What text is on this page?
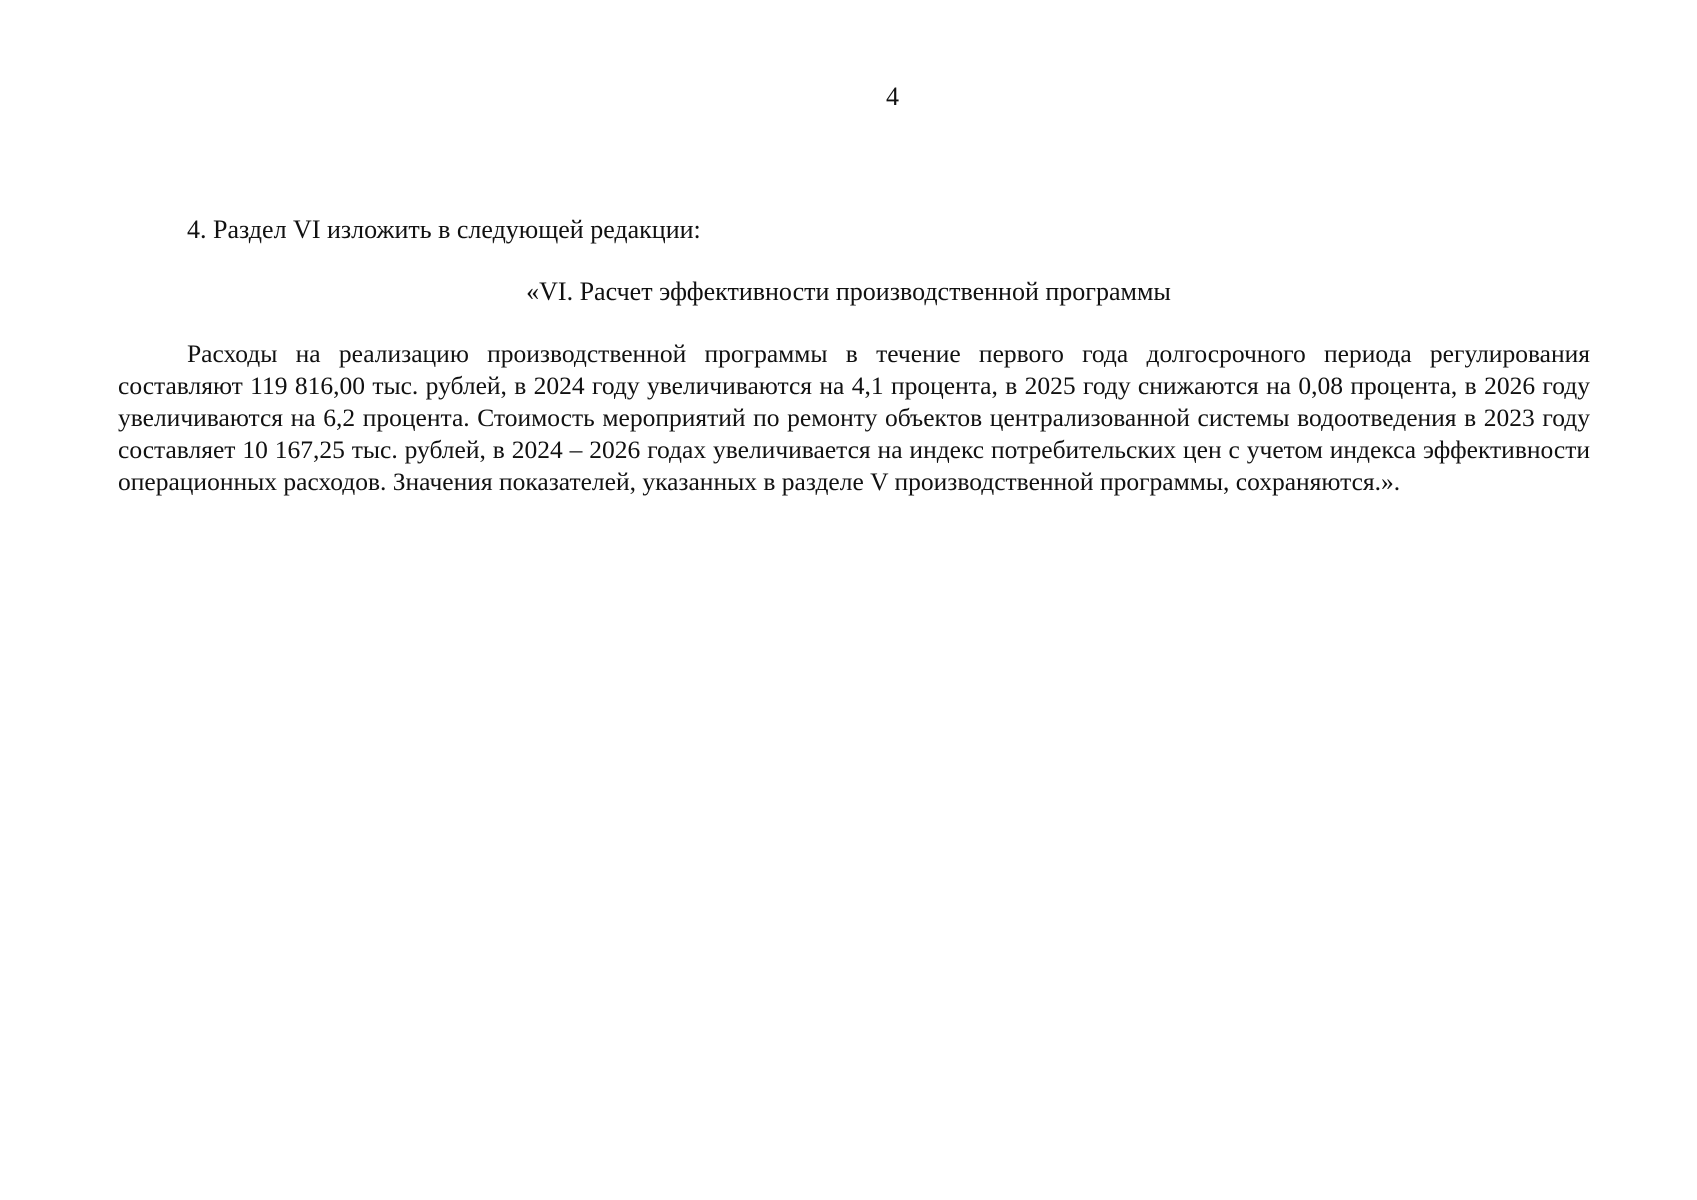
4
4. Раздел VI изложить в следующей редакции:
«VI. Расчет эффективности производственной программы
Расходы на реализацию производственной программы в течение первого года долгосрочного периода регулирования составляют 119 816,00 тыс. рублей, в 2024 году увеличиваются на 4,1 процента, в 2025 году снижаются на 0,08 процента, в 2026 году увеличиваются на 6,2 процента. Стоимость мероприятий по ремонту объектов централизованной системы водоотведения в 2023 году составляет 10 167,25 тыс. рублей, в 2024 – 2026 годах увеличивается на индекс потребительских цен с учетом индекса эффективности операционных расходов. Значения показателей, указанных в разделе V производственной программы, сохраняются.».
